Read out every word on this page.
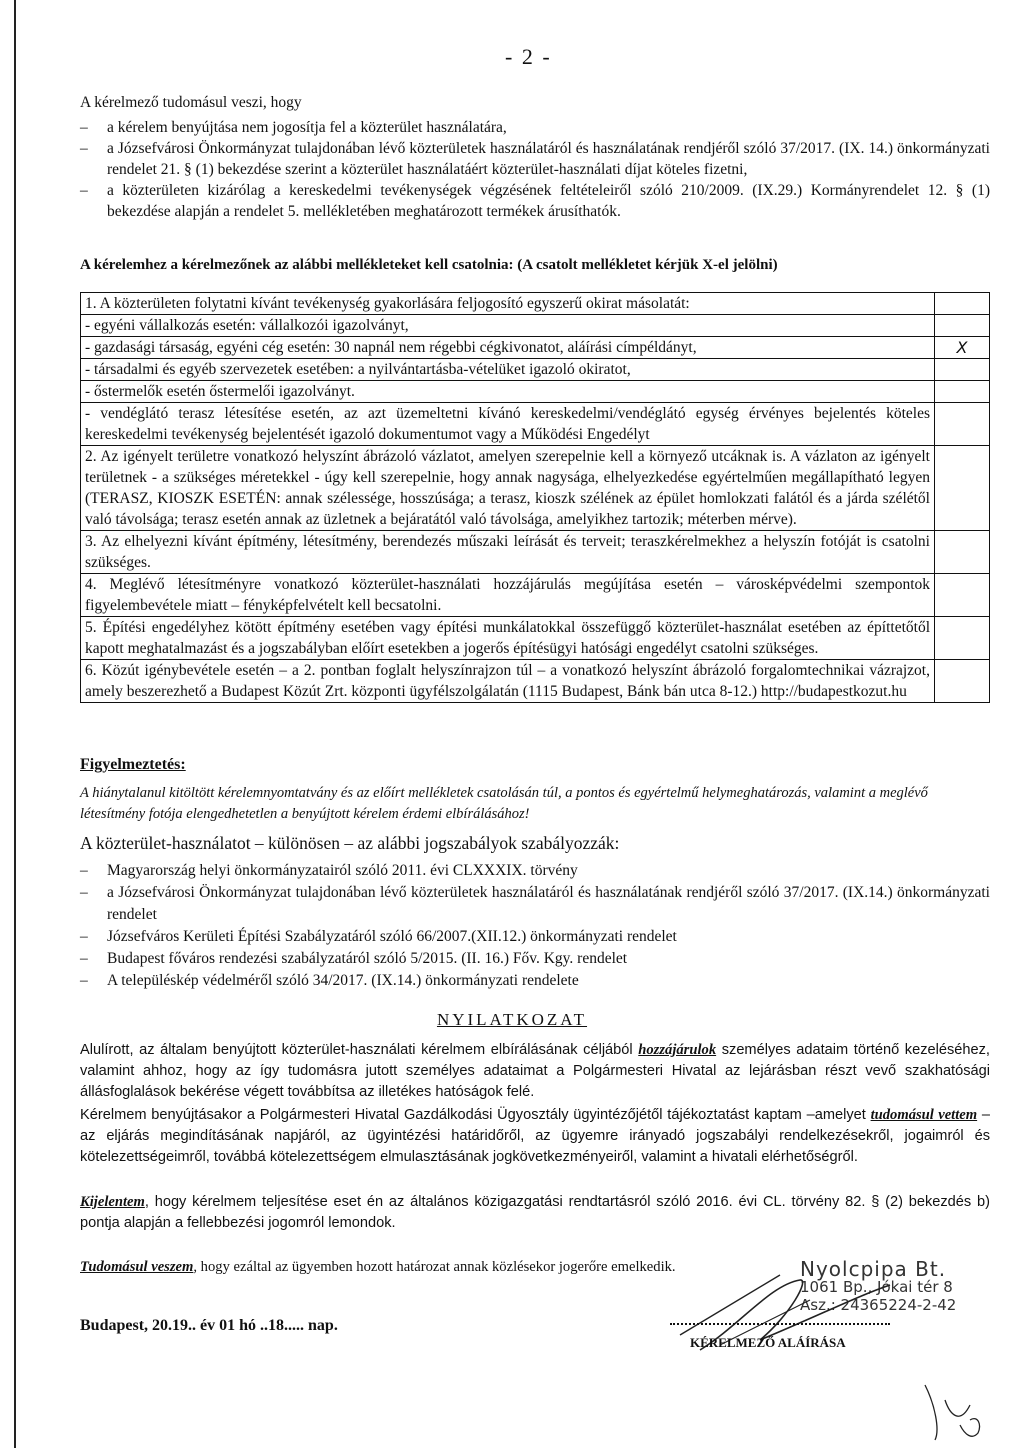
- 2 -
A kérelmező tudomásul veszi, hogy
– a kérelem benyújtása nem jogosítja fel a közterület használatára,
– a Józsefvárosi Önkormányzat tulajdonában lévő közterületek használatáról és használatának rendjéről szóló 37/2017. (IX. 14.) önkormányzati rendelet 21. § (1) bekezdése szerint a közterület használatáért közterület-használati díjat köteles fizetni,
– a közterületen kizárólag a kereskedelmi tevékenységek végzésének feltételeiről szóló 210/2009. (IX.29.) Kormányrendelet 12. § (1) bekezdése alapján a rendelet 5. mellékletében meghatározott termékek árusíthatók.
A kérelemhez a kérelmezőnek az alábbi mellékleteket kell csatolnia: (A csatolt mellékletet kérjük X-el jelölni)
1. A közterületen folytatni kívánt tevékenység gyakorlására feljogosító egyszerű okirat másolatát:	
- egyéni vállalkozás esetén: vállalkozói igazolványt,	
- gazdasági társaság, egyéni cég esetén: 30 napnál nem régebbi cégkivonatot, aláírási címpéldányt,	X
- társadalmi és egyéb szervezetek esetében: a nyilvántartásba-vételüket igazoló okiratot,	
- őstermelők esetén őstermelői igazolványt.	
- vendéglátó terasz létesítése esetén, az azt üzemeltetni kívánó kereskedelmi/vendéglátó egység érvényes bejelentés köteles kereskedelmi tevékenység bejelentését igazoló dokumentumot vagy a Működési Engedélyt	
2. Az igényelt területre vonatkozó helyszínt ábrázoló vázlatot, amelyen szerepelnie kell a környező utcáknak is. A vázlaton az igényelt területnek - a szükséges méretekkel - úgy kell szerepelnie, hogy annak nagysága, elhelyezkedése egyértelműen megállapítható legyen (TERASZ, KIOSZK ESETÉN: annak szélessége, hosszúsága; a terasz, kioszk szélének az épület homlokzati falától és a járda szélétől való távolsága; terasz esetén annak az üzletnek a bejáratától való távolsága, amelyikhez tartozik; méterben mérve).	
3. Az elhelyezni kívánt építmény, létesítmény, berendezés műszaki leírását és terveit; teraszkérelmekhez a helyszín fotóját is csatolni szükséges.	
4. Meglévő létesítményre vonatkozó közterület-használati hozzájárulás megújítása esetén – városképvédelmi szempontok figyelembevétele miatt – fényképfelvételt kell becsatolni.	
5. Építési engedélyhez kötött építmény esetében vagy építési munkálatokkal összefüggő közterület-használat esetében az építtetőtől kapott meghatalmazást és a jogszabályban előírt esetekben a jogerős építésügyi hatósági engedélyt csatolni szükséges.	
6. Közút igénybevétele esetén – a 2. pontban foglalt helyszínrajzon túl – a vonatkozó helyszínt ábrázoló forgalomtechnikai vázrajzot, amely beszerezhető a Budapest Közút Zrt. központi ügyfélszolgálatán (1115 Budapest, Bánk bán utca 8-12.) http://budapestkozut.hu	
Figyelmeztetés:
A hiánytalanul kitöltött kérelemnyomtatvány és az előírt mellékletek csatolásán túl, a pontos és egyértelmű helymeghatározás, valamint a meglévő létesítmény fotója elengedhetetlen a benyújtott kérelem érdemi elbírálásához!
A közterület-használatot – különösen – az alábbi jogszabályok szabályozzák:
– Magyarország helyi önkormányzatairól szóló 2011. évi CLXXXIX. törvény
– a Józsefvárosi Önkormányzat tulajdonában lévő közterületek használatáról és használatának rendjéről szóló 37/2017. (IX.14.) önkormányzati rendelet
– Józsefváros Kerületi Építési Szabályzatáról szóló 66/2007.(XII.12.) önkormányzati rendelet
– Budapest főváros rendezési szabályzatáról szóló 5/2015. (II. 16.) Főv. Kgy. rendelet
– A településkép védelméről szóló 34/2017. (IX.14.) önkormányzati rendelete
NYILATKOZAT
Alulírott, az általam benyújtott közterület-használati kérelmem elbírálásának céljából hozzájárulok személyes adataim történő kezeléséhez, valamint ahhoz, hogy az így tudomásra jutott személyes adataimat a Polgármesteri Hivatal az lejárásban részt vevő szakhatósági állásfoglalások bekérése végett továbbítsa az illetékes hatóságok felé.
Kérelmem benyújtásakor a Polgármesteri Hivatal Gazdálkodási Ügyosztály ügyintézőjétől tájékoztatást kaptam –amelyet tudomásul vettem – az eljárás megindításának napjáról, az ügyintézési határidőről, az ügyemre irányadó jogszabályi rendelkezésekről, jogaimról és kötelezettségeimről, továbbá kötelezettségem elmulasztásának jogkövetkezményeiről, valamint a hivatali elérhetőségről.
Kijelentem, hogy kérelmem teljesítése eset én az általános közigazgatási rendtartásról szóló 2016. évi CL. törvény 82. § (2) bekezdés b) pontja alapján a fellebbezési jogomról lemondok.
Tudomásul veszem, hogy ezáltal az ügyemben hozott határozat annak közlésekor jogerőre emelkedik.
Budapest, 20.19.. év 01 hó ..18..... nap.
Nyolcpipa Bt.
1061 Bp., Jókai tér 8
Asz.: 24365224-2-42
KÉRELMEZŐ ALÁÍRÁSA
